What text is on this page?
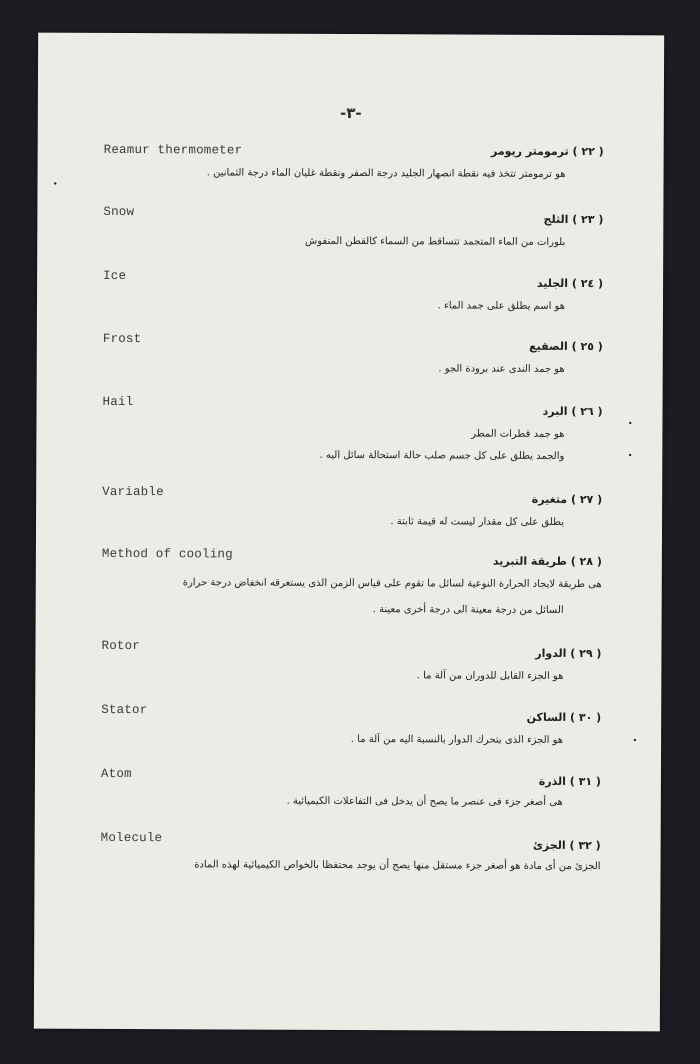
-٣-
Reamur thermometer	( ٢٢ ) ترمومتر ريومر
هو ترمومتر تتخذ فيه نقطة انصهار الجليد درجة الصفر ونقطة غليان الماء درجة الثمانين .
Snow
( ٢٣ ) الثلج
بلورات من الماء المتجمد تتساقط من السماء كالقطن المنفوش
Ice
( ٢٤ ) الجليد
هو اسم يطلق على جمد الماء .
Frost
( ٢٥ ) الصقيع
هو جمد الندى عند برودة الجو .
Hail
( ٢٦ ) البرد
هو جمد قطرات المطر
والجمد يطلق على كل جسم صلب حالة استحالة سائل اليه .
Variable
( ٢٧ ) متغيرة
يطلق على كل مقدار ليست له قيمة ثابتة .
Method of cooling	( ٢٨ ) طريقة التبريد
هى طريقة لايجاد الحرارة النوعية لسائل ما تقوم على قياس الزمن الذى يستغرقه انخفاض درجة حرارة
السائل من درجة معينة الى درجة أخرى معينة .
Rotor
( ٢٩ ) الدوار
هو الجزء القابل للدوران من آلة ما .
Stator
( ٣٠ ) الساكن
هو الجزء الذى يتحرك الدوار بالنسبة اليه من آلة ما .
Atom
( ٣١ ) الذرة
هى أصغر جزء فى عنصر ما يصح أن يدخل فى التفاعلات الكيميائية .
Molecule
( ٣٢ ) الجزئ
الجزئ من أى مادة هو أصغر جزء مستقل منها يصح أن يوجد محتفظا بالخواص الكيميائية لهذه المادة
•
•
•
•
